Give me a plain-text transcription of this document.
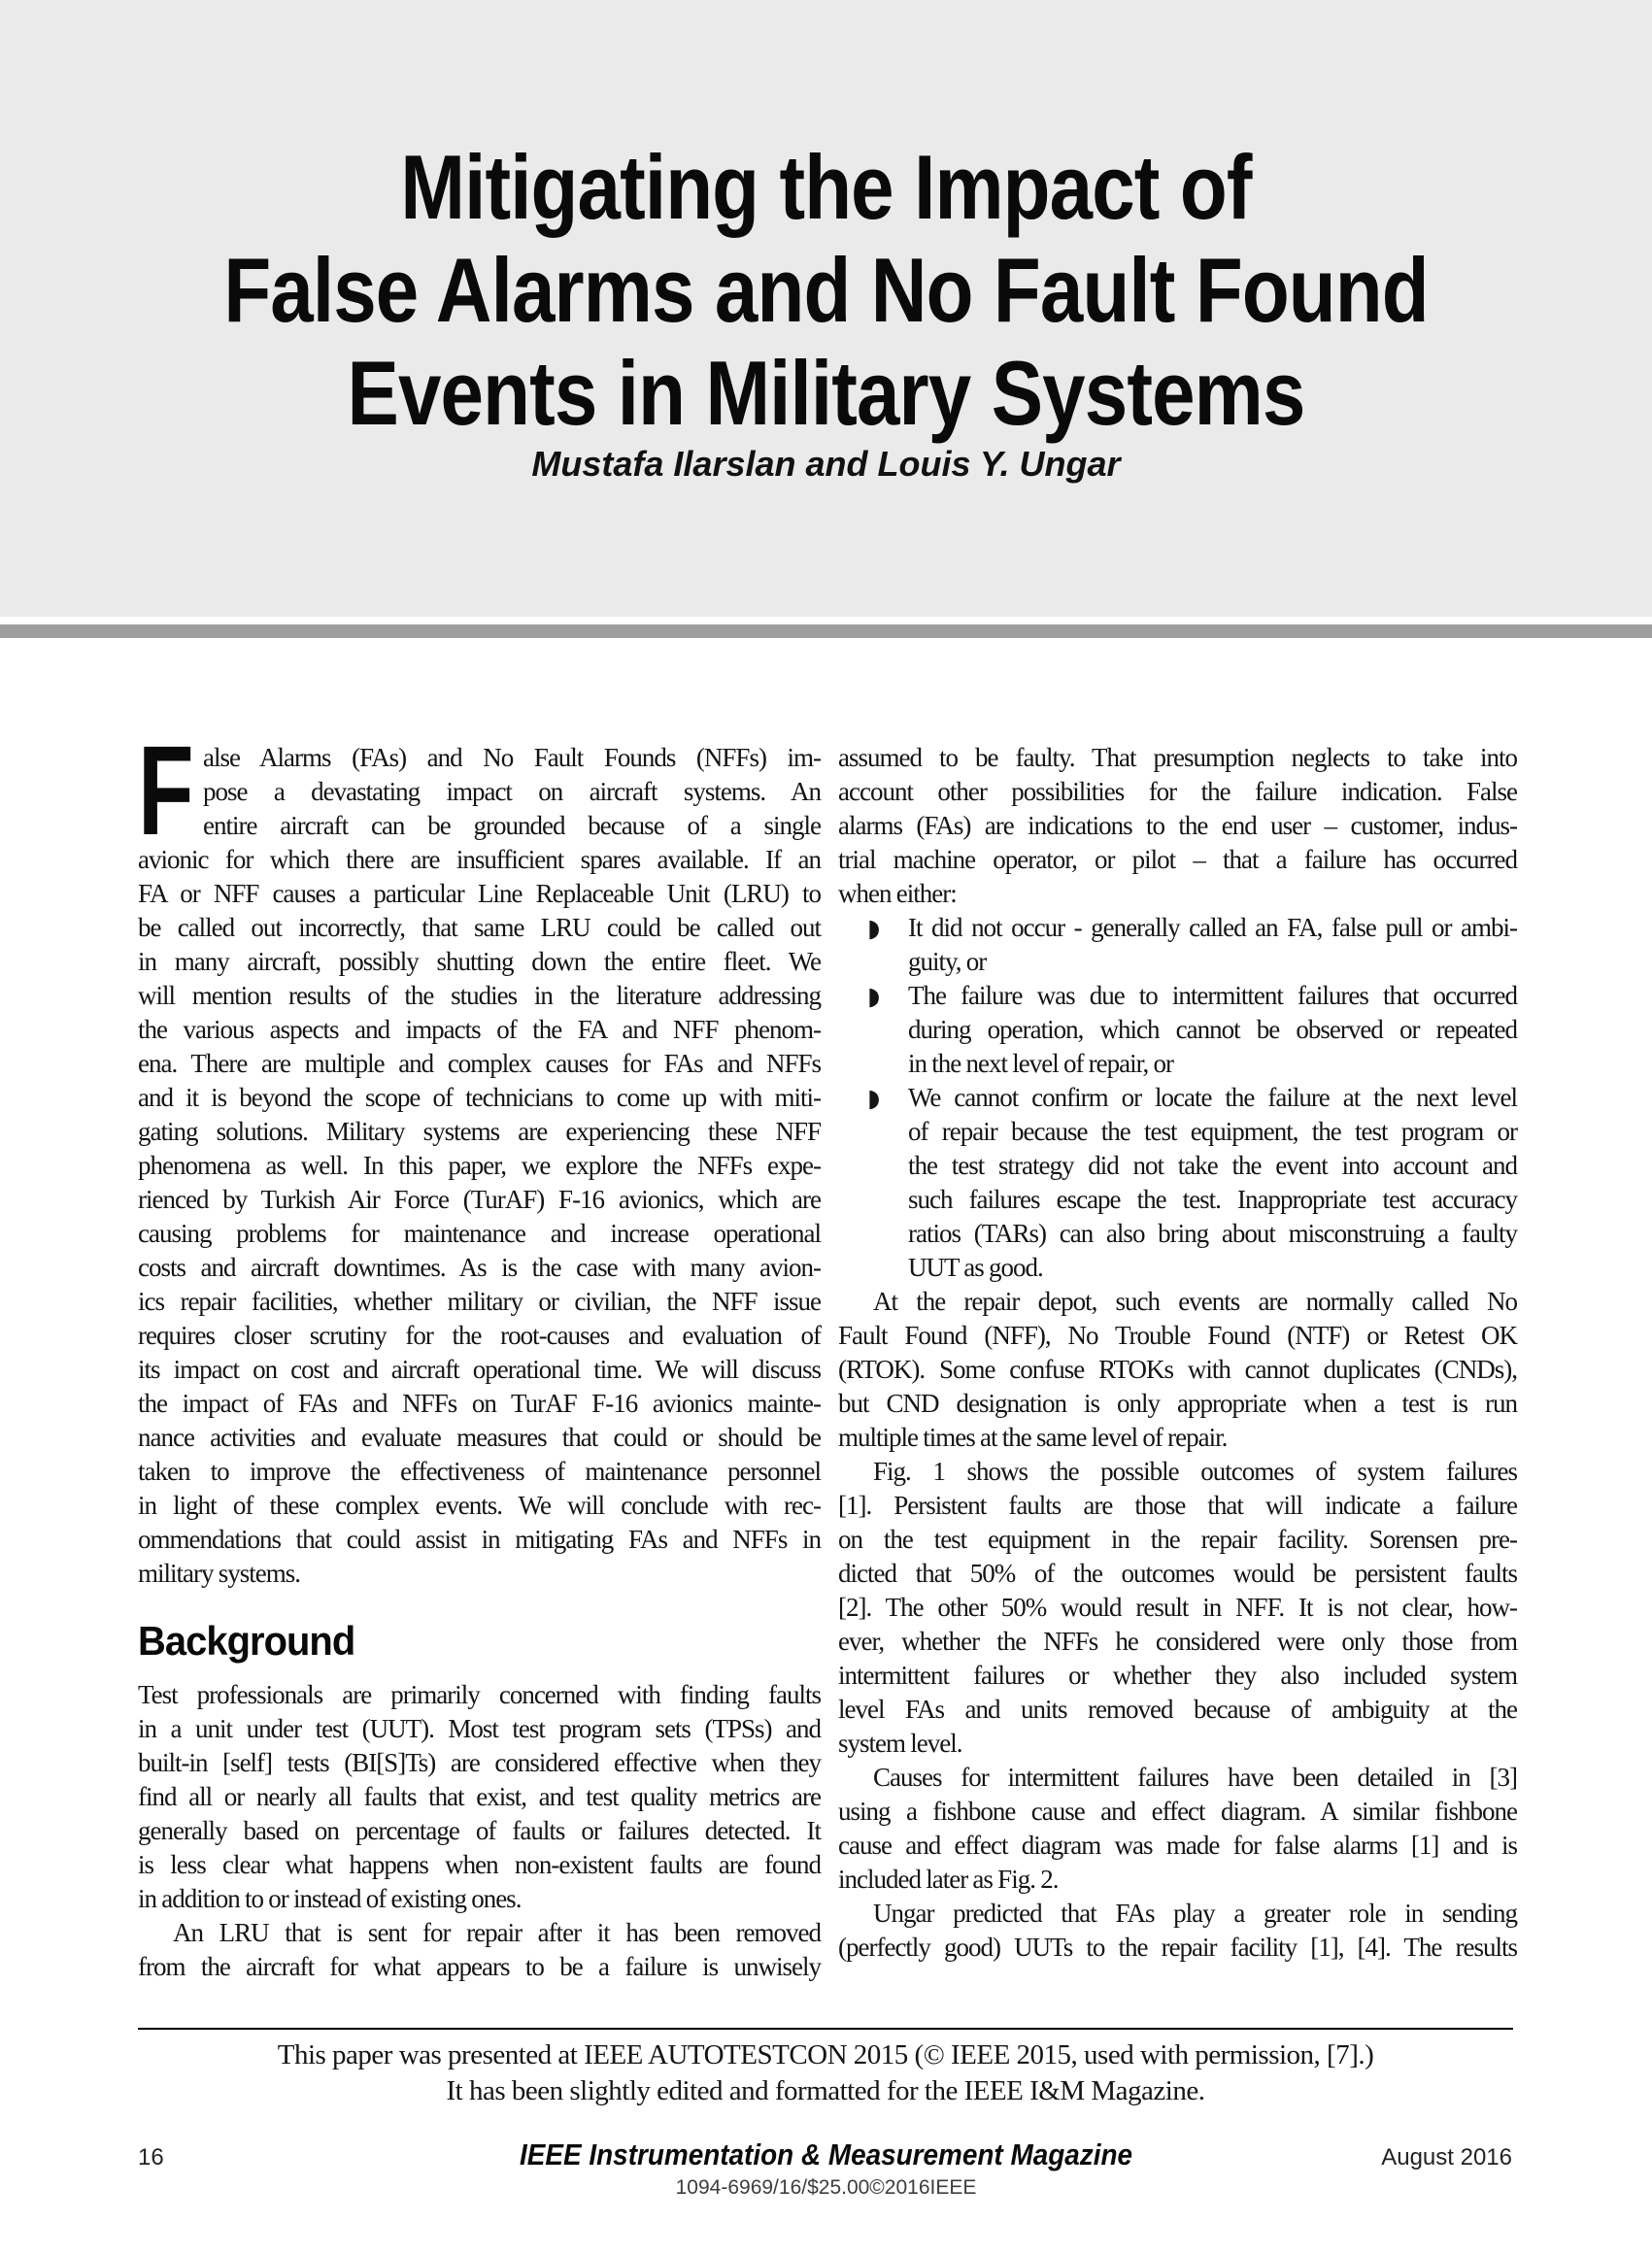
Mitigating the Impact of
False Alarms and No Fault Found
Events in Military Systems
Mustafa Ilarslan and Louis Y. Ungar
F alse Alarms (FAs) and No Fault Founds (NFFs) im-
pose a devastating impact on aircraft systems. An
entire aircraft can be grounded because of a single
avionic for which there are insufficient spares available. If an
FA or NFF causes a particular Line Replaceable Unit (LRU) to
be called out incorrectly, that same LRU could be called out
in many aircraft, possibly shutting down the entire fleet. We
will mention results of the studies in the literature addressing
the various aspects and impacts of the FA and NFF phenom-
ena. There are multiple and complex causes for FAs and NFFs
and it is beyond the scope of technicians to come up with miti-
gating solutions. Military systems are experiencing these NFF
phenomena as well. In this paper, we explore the NFFs expe-
rienced by Turkish Air Force (TurAF) F-16 avionics, which are
causing problems for maintenance and increase operational
costs and aircraft downtimes. As is the case with many avion-
ics repair facilities, whether military or civilian, the NFF issue
requires closer scrutiny for the root-causes and evaluation of
its impact on cost and aircraft operational time. We will discuss
the impact of FAs and NFFs on TurAF F-16 avionics mainte-
nance activities and evaluate measures that could or should be
taken to improve the effectiveness of maintenance personnel
in light of these complex events. We will conclude with rec-
ommendations that could assist in mitigating FAs and NFFs in
military systems.
Background
Test professionals are primarily concerned with finding faults
in a unit under test (UUT). Most test program sets (TPSs) and
built-in [self] tests (BI[S]Ts) are considered effective when they
find all or nearly all faults that exist, and test quality metrics are
generally based on percentage of faults or failures detected. It
is less clear what happens when non-existent faults are found
in addition to or instead of existing ones.
An LRU that is sent for repair after it has been removed
from the aircraft for what appears to be a failure is unwisely
assumed to be faulty. That presumption neglects to take into
account other possibilities for the failure indication. False
alarms (FAs) are indications to the end user – customer, indus-
trial machine operator, or pilot – that a failure has occurred
when either:
◗	It did not occur - generally called an FA, false pull or ambi-
guity, or
◗	The failure was due to intermittent failures that occurred
during operation, which cannot be observed or repeated
in the next level of repair, or
◗	We cannot confirm or locate the failure at the next level
of repair because the test equipment, the test program or
the test strategy did not take the event into account and
such failures escape the test. Inappropriate test accuracy
ratios (TARs) can also bring about misconstruing a faulty
UUT as good.
At the repair depot, such events are normally called No
Fault Found (NFF), No Trouble Found (NTF) or Retest OK
(RTOK). Some confuse RTOKs with cannot duplicates (CNDs),
but CND designation is only appropriate when a test is run
multiple times at the same level of repair.
Fig. 1 shows the possible outcomes of system failures
[1]. Persistent faults are those that will indicate a failure
on the test equipment in the repair facility. Sorensen pre-
dicted that 50% of the outcomes would be persistent faults
[2]. The other 50% would result in NFF. It is not clear, how-
ever, whether the NFFs he considered were only those from
intermittent failures or whether they also included system
level FAs and units removed because of ambiguity at the
system level.
Causes for intermittent failures have been detailed in [3]
using a fishbone cause and effect diagram. A similar fishbone
cause and effect diagram was made for false alarms [1] and is
included later as Fig. 2.
Ungar predicted that FAs play a greater role in sending
(perfectly good) UUTs to the repair facility [1], [4]. The results
This paper was presented at IEEE AUTOTESTCON 2015 (© IEEE 2015, used with permission, [7].)
It has been slightly edited and formatted for the IEEE I&M Magazine.
16	IEEE Instrumentation & Measurement Magazine	August 2016
1094-6969/16/$25.00©2016IEEE
